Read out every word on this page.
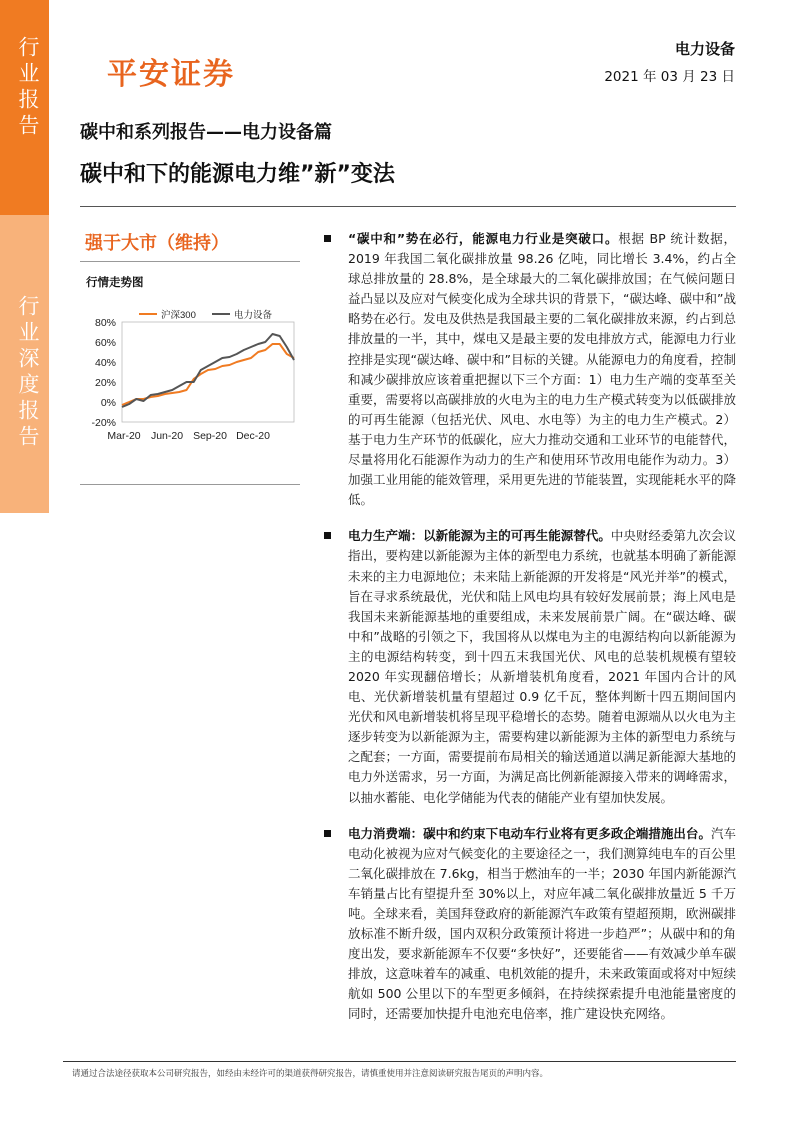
行业报告
行业深度报告
平安证券
电力设备
2021 年 03 月 23 日
碳中和系列报告——电力设备篇
碳中和下的能源电力维”新”变法
强于大市（维持）
行情走势图
80%
60%
40%
20%
0%
-20%
Mar-20 Jun-20 Sep-20 Dec-20
沪深300	电力设备

“碳中和”势在必行，能源电力行业是突破口。根据 BP 统计数据，2019 年我国二氧化碳排放量 98.26 亿吨，同比增长 3.4%，约占全球总排放量的 28.8%，是全球最大的二氧化碳排放国；在气候问题日益凸显以及应对气候变化成为全球共识的背景下，“碳达峰、碳中和”战略势在必行。发电及供热是我国最主要的二氧化碳排放来源，约占到总排放量的一半，其中，煤电又是最主要的发电排放方式，能源电力行业控排是实现“碳达峰、碳中和”目标的关键。从能源电力的角度看，控制和减少碳排放应该着重把握以下三个方面：1）电力生产端的变革至关重要，需要将以高碳排放的火电为主的电力生产模式转变为以低碳排放的可再生能源（包括光伏、风电、水电等）为主的电力生产模式。2）基于电力生产环节的低碳化，应大力推动交通和工业环节的电能替代，尽量将用化石能源作为动力的生产和使用环节改用电能作为动力。3）加强工业用能的能效管理，采用更先进的节能装置，实现能耗水平的降低。

电力生产端：以新能源为主的可再生能源替代。中央财经委第九次会议指出，要构建以新能源为主体的新型电力系统，也就基本明确了新能源未来的主力电源地位；未来陆上新能源的开发将是“风光并举”的模式，旨在寻求系统最优，光伏和陆上风电均具有较好发展前景；海上风电是我国未来新能源基地的重要组成，未来发展前景广阔。在“碳达峰、碳中和”战略的引领之下，我国将从以煤电为主的电源结构向以新能源为主的电源结构转变，到十四五末我国光伏、风电的总装机规模有望较 2020 年实现翻倍增长；从新增装机角度看，2021 年国内合计的风电、光伏新增装机量有望超过 0.9 亿千瓦，整体判断十四五期间国内光伏和风电新增装机将呈现平稳增长的态势。随着电源端从以火电为主逐步转变为以新能源为主，需要构建以新能源为主体的新型电力系统与之配套；一方面，需要提前布局相关的输送通道以满足新能源大基地的电力外送需求，另一方面，为满足高比例新能源接入带来的调峰需求，以抽水蓄能、电化学储能为代表的储能产业有望加快发展。

电力消费端：碳中和约束下电动车行业将有更多政企端措施出台。汽车电动化被视为应对气候变化的主要途径之一，我们测算纯电车的百公里二氧化碳排放在 7.6kg，相当于燃油车的一半；2030 年国内新能源汽车销量占比有望提升至 30%以上，对应年减二氧化碳排放量近 5 千万吨。全球来看，美国拜登政府的新能源汽车政策有望超预期，欧洲碳排放标准不断升级，国内双积分政策预计将进一步趋严”；从碳中和的角度出发，要求新能源车不仅要“多快好”，还要能省——有效减少单车碳排放，这意味着车的减重、电机效能的提升，未来政策面或将对中短续航如 500 公里以下的车型更多倾斜，在持续探索提升电池能量密度的同时，还需要加快提升电池充电倍率，推广建设快充网络。

请通过合法途径获取本公司研究报告，如经由未经许可的渠道获得研究报告，请慎重使用并注意阅读研究报告尾页的声明内容。
